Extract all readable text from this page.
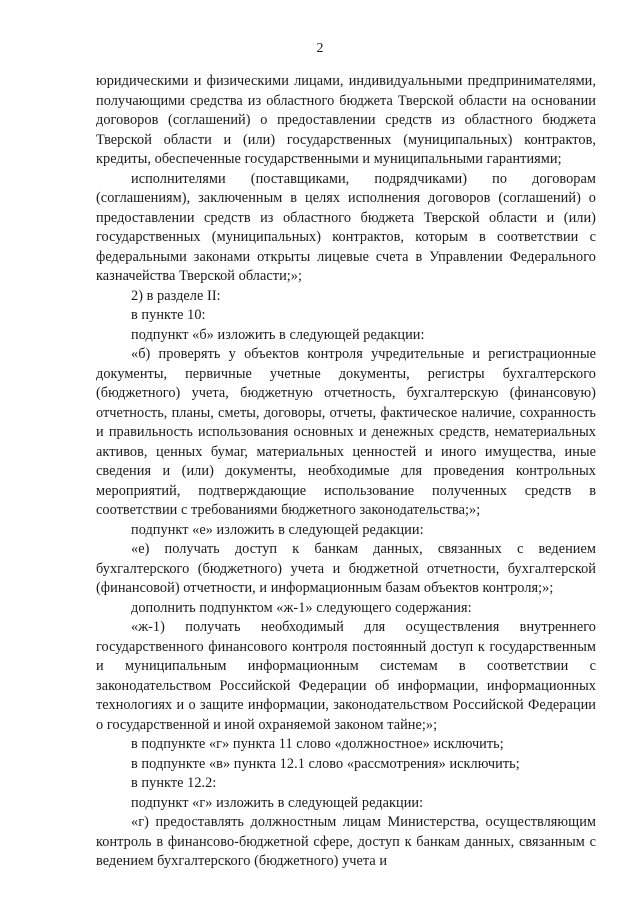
2

юридическими и физическими лицами, индивидуальными предпринимателями, получающими средства из областного бюджета Тверской области на основании договоров (соглашений) о предоставлении средств из областного бюджета Тверской области и (или) государственных (муниципальных) контрактов, кредиты, обеспеченные государственными и муниципальными гарантиями;

исполнителями (поставщиками, подрядчиками) по договорам (соглашениям), заключенным в целях исполнения договоров (соглашений) о предоставлении средств из областного бюджета Тверской области и (или) государственных (муниципальных) контрактов, которым в соответствии с федеральными законами открыты лицевые счета в Управлении Федерального казначейства Тверской области;»;

2) в разделе II:

в пункте 10:

подпункт «б» изложить в следующей редакции:

«б) проверять у объектов контроля учредительные и регистрационные документы, первичные учетные документы, регистры бухгалтерского (бюджетного) учета, бюджетную отчетность, бухгалтерскую (финансовую) отчетность, планы, сметы, договоры, отчеты, фактическое наличие, сохранность и правильность использования основных и денежных средств, нематериальных активов, ценных бумаг, материальных ценностей и иного имущества, иные сведения и (или) документы, необходимые для проведения контрольных мероприятий, подтверждающие использование полученных средств в соответствии с требованиями бюджетного законодательства;»;

подпункт «е» изложить в следующей редакции:

«е) получать доступ к банкам данных, связанных с ведением бухгалтерского (бюджетного) учета и бюджетной отчетности, бухгалтерской (финансовой) отчетности, и информационным базам объектов контроля;»;

дополнить подпунктом «ж-1» следующего содержания:

«ж-1) получать необходимый для осуществления внутреннего государственного финансового контроля постоянный доступ к государственным и муниципальным информационным системам в соответствии с законодательством Российской Федерации об информации, информационных технологиях и о защите информации, законодательством Российской Федерации о государственной и иной охраняемой законом тайне;»;

в подпункте «г» пункта 11 слово «должностное» исключить;

в подпункте «в» пункта 12.1 слово «рассмотрения» исключить;

в пункте 12.2:

подпункт «г» изложить в следующей редакции:

«г) предоставлять должностным лицам Министерства, осуществляющим контроль в финансово-бюджетной сфере, доступ к банкам данных, связанным с ведением бухгалтерского (бюджетного) учета и
